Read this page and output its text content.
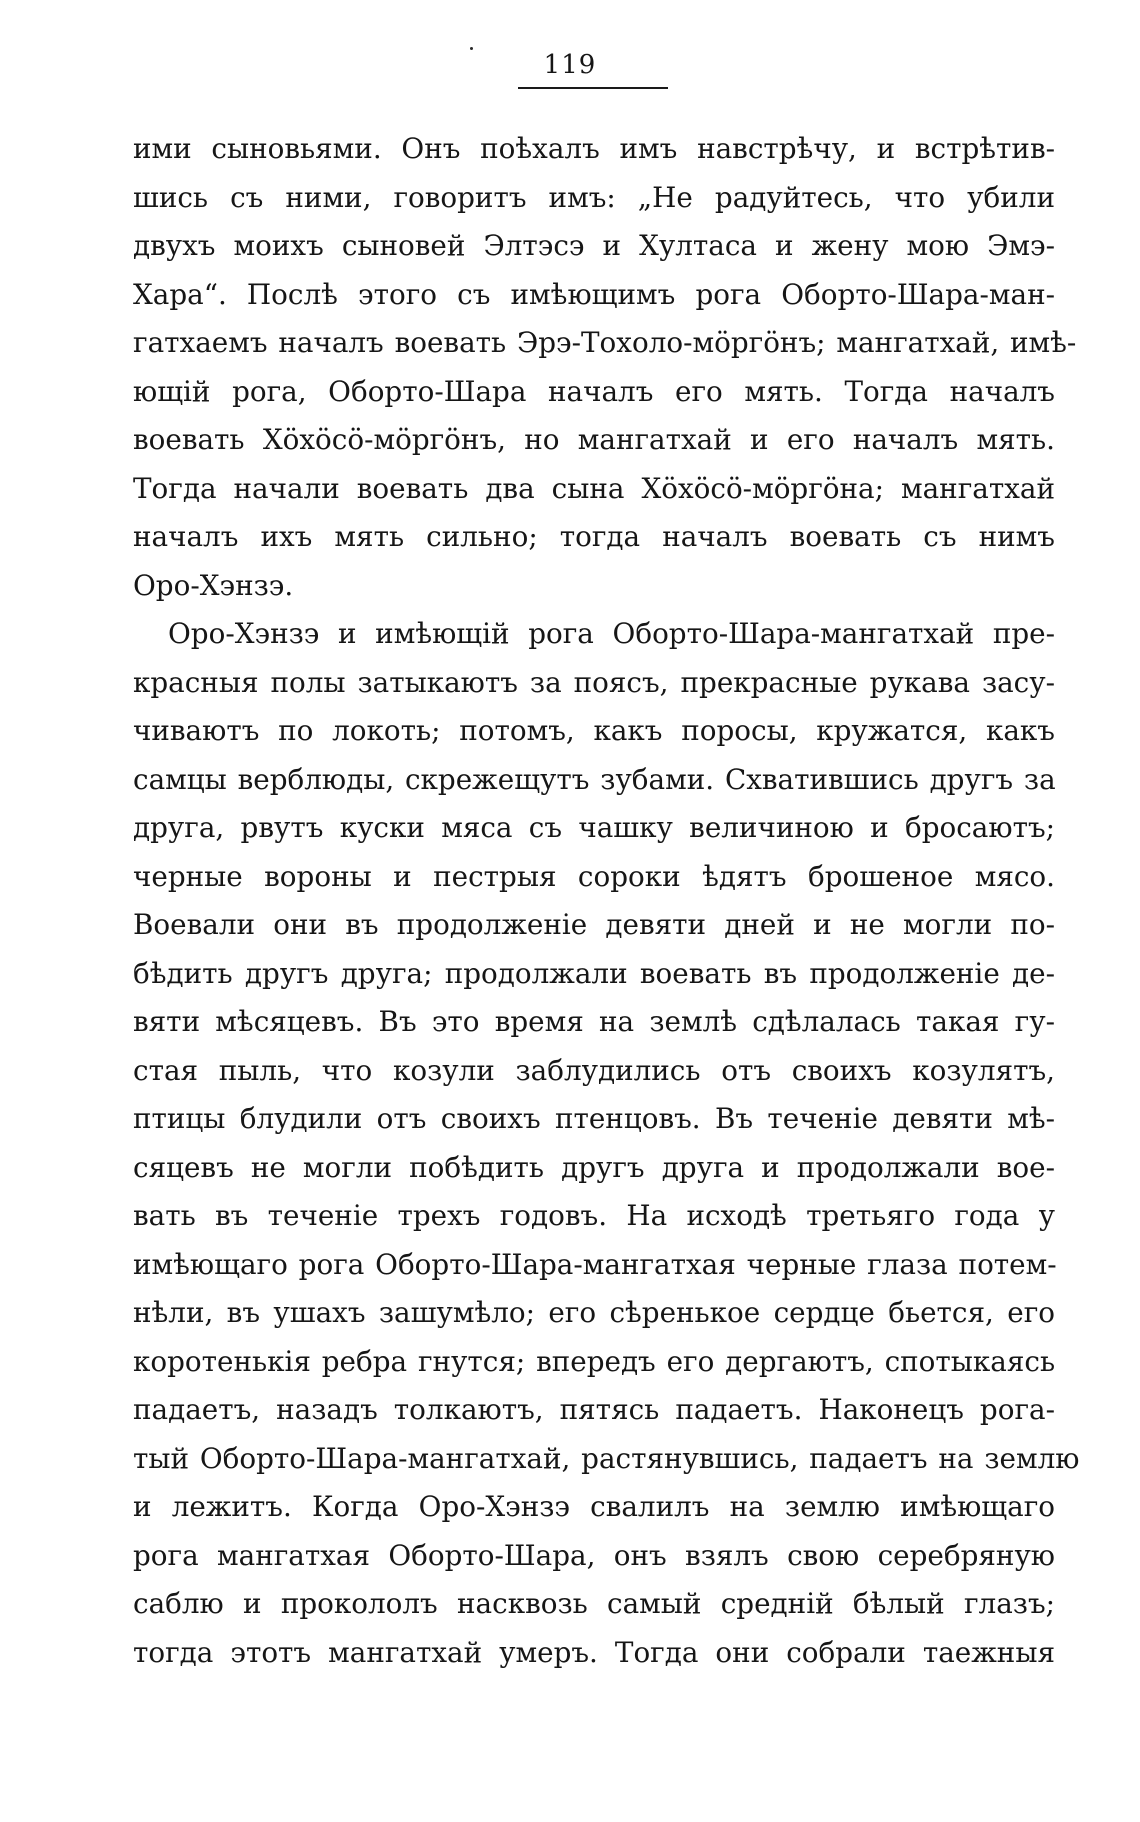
119
ими сыновьями. Онъ поѣхалъ имъ навстрѣчу, и встрѣтив-
шись съ ними, говоритъ имъ: „Не радуйтесь, что убили
двухъ моихъ сыновей Элтэсэ и Хултаса и жену мою Эмэ-
Хара“. Послѣ этого съ имѣющимъ рога Оборто-Шара-ман-
гатхаемъ началъ воевать Эрэ-Тохоло-мöргöнъ; мангатхай, имѣ-
ющій рога, Оборто-Шара началъ его мять. Тогда началъ
воевать Хöхöсö-мöргöнъ, но мангатхай и его началъ мять.
Тогда начали воевать два сына Хöхöсö-мöргöна; мангатхай
началъ ихъ мять сильно; тогда началъ воевать съ нимъ
Оро-Хэнзэ.
Оро-Хэнзэ и имѣющій рога Оборто-Шара-мангатхай пре-
красныя полы затыкаютъ за поясъ, прекрасные рукава засу-
чиваютъ по локоть; потомъ, какъ поросы, кружатся, какъ
самцы верблюды, скрежещутъ зубами. Схватившись другъ за
друга, рвутъ куски мяса съ чашку величиною и бросаютъ;
черные вороны и пестрыя сороки ѣдятъ брошеное мясо.
Воевали они въ продолженіе девяти дней и не могли по-
бѣдить другъ друга; продолжали воевать въ продолженіе де-
вяти мѣсяцевъ. Въ это время на землѣ сдѣлалась такая гу-
стая пыль, что козули заблудились отъ своихъ козулятъ,
птицы блудили отъ своихъ птенцовъ. Въ теченіе девяти мѣ-
сяцевъ не могли побѣдить другъ друга и продолжали вое-
вать въ теченіе трехъ годовъ. На исходѣ третьяго года у
имѣющаго рога Оборто-Шара-мангатхая черные глаза потем-
нѣли, въ ушахъ зашумѣло; его сѣренькое сердце бьется, его
коротенькія ребра гнутся; впередъ его дергаютъ, спотыкаясь
падаетъ, назадъ толкаютъ, пятясь падаетъ. Наконецъ рога-
тый Оборто-Шара-мангатхай, растянувшись, падаетъ на землю
и лежитъ. Когда Оро-Хэнзэ свалилъ на землю имѣющаго
рога мангатхая Оборто-Шара, онъ взялъ свою серебряную
саблю и прокололъ насквозь самый средній бѣлый глазъ;
тогда этотъ мангатхай умеръ. Тогда они собрали таежныя
